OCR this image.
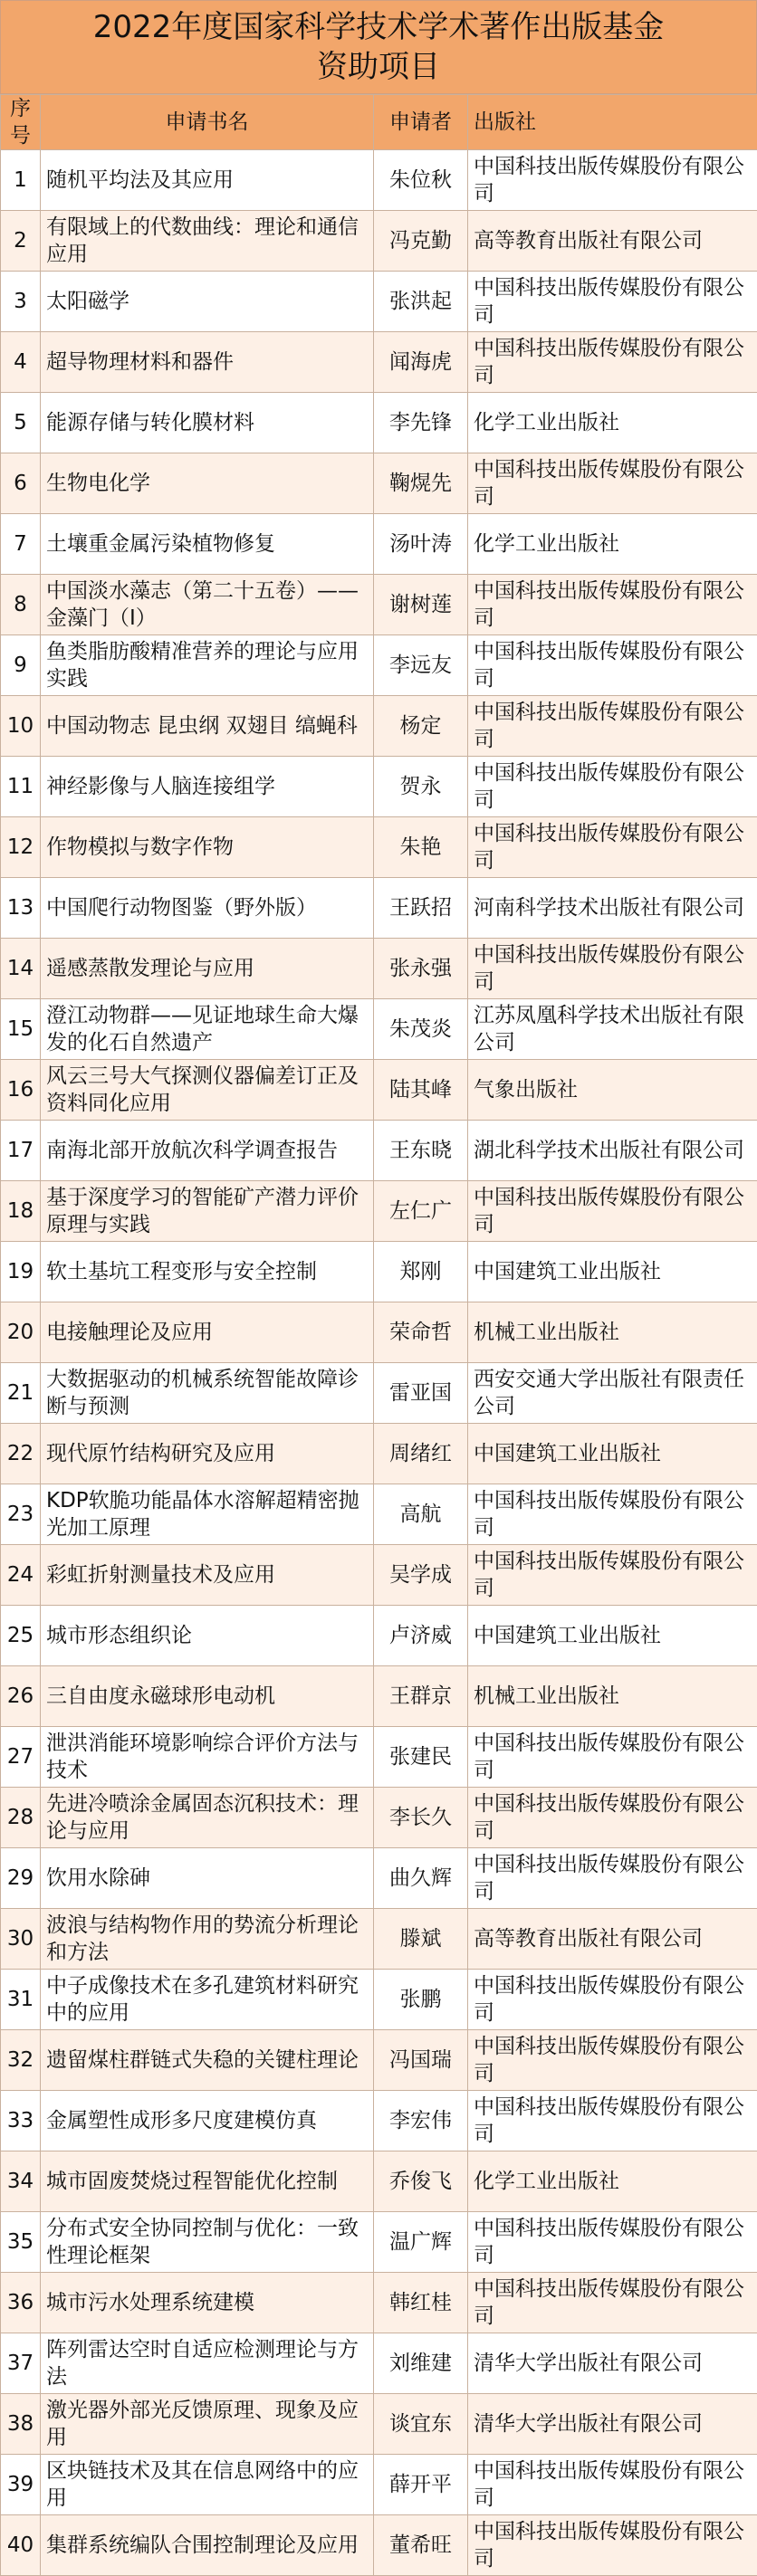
2022年度国家科学技术学术著作出版基金
资助项目
序号	申请书名	申请者	出版社
1	随机平均法及其应用	朱位秋	中国科技出版传媒股份有限公司
2	有限域上的代数曲线：理论和通信应用	冯克勤	高等教育出版社有限公司
3	太阳磁学	张洪起	中国科技出版传媒股份有限公司
4	超导物理材料和器件	闻海虎	中国科技出版传媒股份有限公司
5	能源存储与转化膜材料	李先锋	化学工业出版社
6	生物电化学	鞠熀先	中国科技出版传媒股份有限公司
7	土壤重金属污染植物修复	汤叶涛	化学工业出版社
8	中国淡水藻志（第二十五卷）——金藻门（I）	谢树莲	中国科技出版传媒股份有限公司
9	鱼类脂肪酸精准营养的理论与应用实践	李远友	中国科技出版传媒股份有限公司
10	中国动物志 昆虫纲 双翅目 缟蝇科	杨定	中国科技出版传媒股份有限公司
11	神经影像与人脑连接组学	贺永	中国科技出版传媒股份有限公司
12	作物模拟与数字作物	朱艳	中国科技出版传媒股份有限公司
13	中国爬行动物图鉴（野外版）	王跃招	河南科学技术出版社有限公司
14	遥感蒸散发理论与应用	张永强	中国科技出版传媒股份有限公司
15	澄江动物群——见证地球生命大爆发的化石自然遗产	朱茂炎	江苏凤凰科学技术出版社有限公司
16	风云三号大气探测仪器偏差订正及资料同化应用	陆其峰	气象出版社
17	南海北部开放航次科学调查报告	王东晓	湖北科学技术出版社有限公司
18	基于深度学习的智能矿产潜力评价原理与实践	左仁广	中国科技出版传媒股份有限公司
19	软土基坑工程变形与安全控制	郑刚	中国建筑工业出版社
20	电接触理论及应用	荣命哲	机械工业出版社
21	大数据驱动的机械系统智能故障诊断与预测	雷亚国	西安交通大学出版社有限责任公司
22	现代原竹结构研究及应用	周绪红	中国建筑工业出版社
23	KDP软脆功能晶体水溶解超精密抛光加工原理	高航	中国科技出版传媒股份有限公司
24	彩虹折射测量技术及应用	吴学成	中国科技出版传媒股份有限公司
25	城市形态组织论	卢济威	中国建筑工业出版社
26	三自由度永磁球形电动机	王群京	机械工业出版社
27	泄洪消能环境影响综合评价方法与技术	张建民	中国科技出版传媒股份有限公司
28	先进冷喷涂金属固态沉积技术：理论与应用	李长久	中国科技出版传媒股份有限公司
29	饮用水除砷	曲久辉	中国科技出版传媒股份有限公司
30	波浪与结构物作用的势流分析理论和方法	滕斌	高等教育出版社有限公司
31	中子成像技术在多孔建筑材料研究中的应用	张鹏	中国科技出版传媒股份有限公司
32	遗留煤柱群链式失稳的关键柱理论	冯国瑞	中国科技出版传媒股份有限公司
33	金属塑性成形多尺度建模仿真	李宏伟	中国科技出版传媒股份有限公司
34	城市固废焚烧过程智能优化控制	乔俊飞	化学工业出版社
35	分布式安全协同控制与优化：一致性理论框架	温广辉	中国科技出版传媒股份有限公司
36	城市污水处理系统建模	韩红桂	中国科技出版传媒股份有限公司
37	阵列雷达空时自适应检测理论与方法	刘维建	清华大学出版社有限公司
38	激光器外部光反馈原理、现象及应用	谈宜东	清华大学出版社有限公司
39	区块链技术及其在信息网络中的应用	薛开平	中国科技出版传媒股份有限公司
40	集群系统编队合围控制理论及应用	董希旺	中国科技出版传媒股份有限公司
